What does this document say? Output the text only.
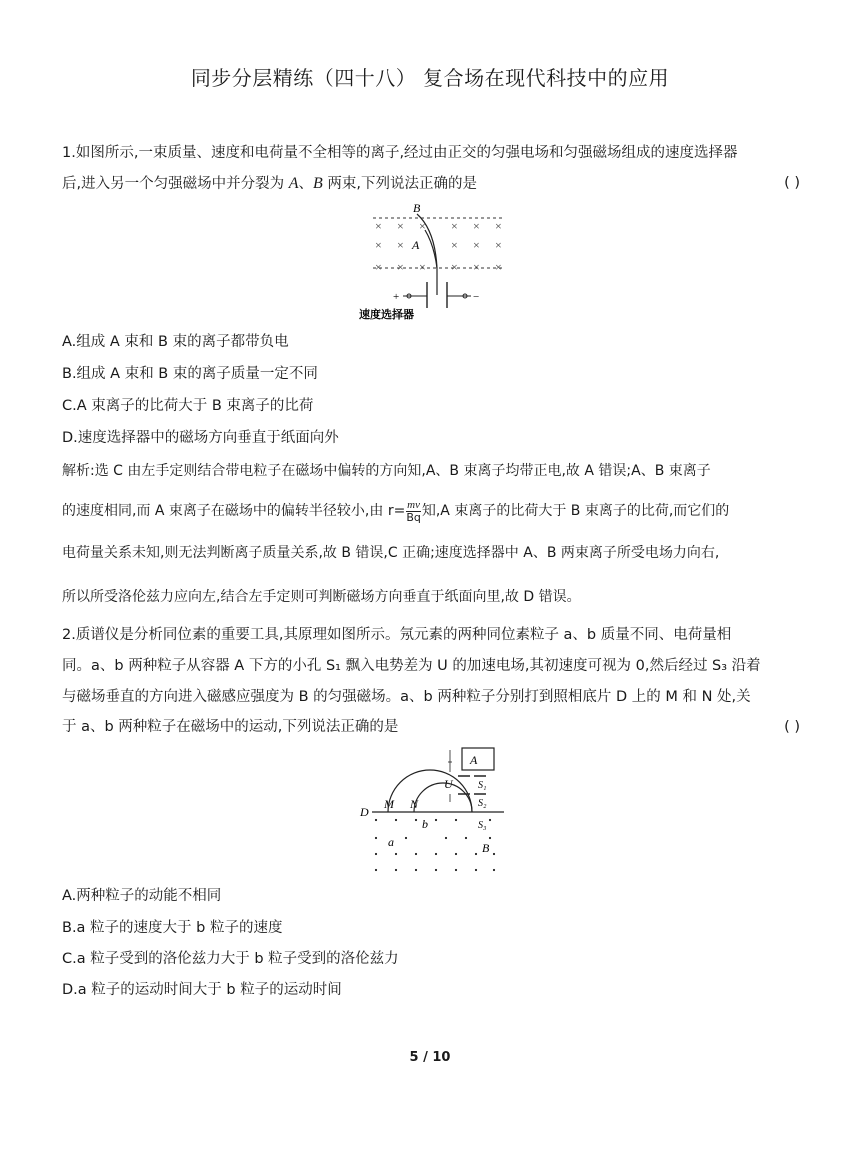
同步分层精练（四十八） 复合场在现代科技中的应用
1.如图所示,一束质量、速度和电荷量不全相等的离子,经过由正交的匀强电场和匀强磁场组成的速度选择器
后,进入另一个匀强磁场中并分裂为 A、B 两束,下列说法正确的是	( )
B
× × × × × ×
× ×	× × ×
× × × × × ×
A
+	−
速度选择器
A.组成 A 束和 B 束的离子都带负电
B.组成 A 束和 B 束的离子质量一定不同
C.A 束离子的比荷大于 B 束离子的比荷
D.速度选择器中的磁场方向垂直于纸面向外
解析:选 C 由左手定则结合带电粒子在磁场中偏转的方向知,A、B 束离子均带正电,故 A 错误;A、B 束离子
的速度相同,而 A 束离子在磁场中的偏转半径较小,由 $r= \frac{mv}{Bq}$ 知,A 束离子的比荷大于 B 束离子的比荷,而它们的
电荷量关系未知,则无法判断离子质量关系,故 B 错误,C 正确;速度选择器中 A、B 两束离子所受电场力向右,
所以所受洛伦兹力应向左,结合左手定则可判断磁场方向垂直于纸面向里,故 D 错误。
2.质谱仪是分析同位素的重要工具,其原理如图所示。氖元素的两种同位素粒子 a、b 质量不同、电荷量相
同。a、b 两种粒子从容器 A 下方的小孔 S₁ 飘入电势差为 U 的加速电场,其初速度可视为 0,然后经过 S₃ 沿着
与磁场垂直的方向进入磁感应强度为 B 的匀强磁场。a、b 两种粒子分别打到照相底片 D 上的 M 和 N 处,关
于 a、b 两种粒子在磁场中的运动,下列说法正确的是	( )
A
S₁
S₂
U
D
M N
S₃
a
b
B
A.两种粒子的动能不相同
B.a 粒子的速度大于 b 粒子的速度
C.a 粒子受到的洛伦兹力大于 b 粒子受到的洛伦兹力
D.a 粒子的运动时间大于 b 粒子的运动时间
5 / 10
